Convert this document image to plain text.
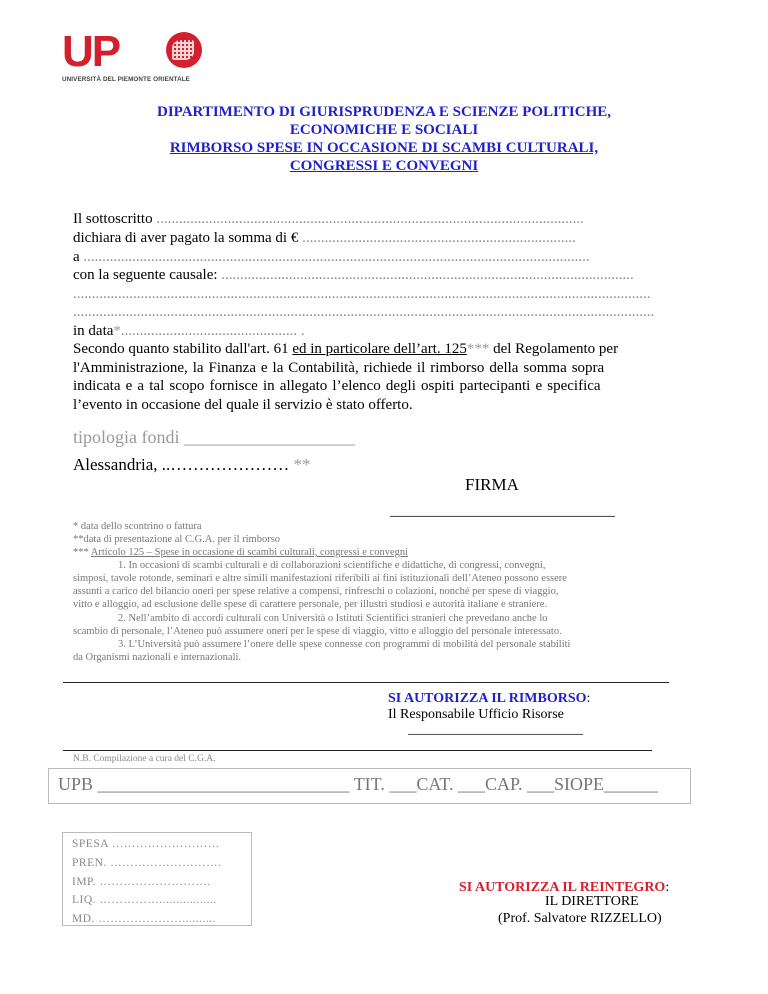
UP
UNIVERSITÀ DEL PIEMONTE ORIENTALE
DIPARTIMENTO DI GIURISPRUDENZA E SCIENZE POLITICHE,
ECONOMICHE E SOCIALI
RIMBORSO SPESE IN OCCASIONE DI SCAMBI CULTURALI,
CONGRESSI E CONVEGNI
Il sottoscritto ..................................................................................................................
dichiara di aver pagato la somma di € .........................................................................
a .......................................................................................................................................
con la seguente causale: ..............................................................................................................
..........................................................................................................................................................
...........................................................................................................................................................
in data*............................................... .
Secondo quanto stabilito dall'art. 61 ed in particolare dell’art. 125*** del Regolamento per
l'Amministrazione, la Finanza e la Contabilità, richiede il rimborso della somma sopra
indicata e a tal scopo fornisce in allegato l’elenco degli ospiti partecipanti e specifica
l’evento in occasione del quale il servizio è stato offerto.
tipologia fondi ___________________
Alessandria, ..………………… **
FIRMA
______________________________
* data dello scontrino o fattura
**data di presentazione al C.G.A. per il rimborso
*** Articolo 125 – Spese in occasione di scambi culturali, congressi e convegni
1. In occasioni di scambi culturali e di collaborazioni scientifiche e didattiche, di congressi, convegni,
simposi, tavole rotonde, seminari e altre simili manifestazioni riferibili ai fini istituzionali dell’Ateneo possono essere
assunti a carico del bilancio oneri per spese relative a compensi, rinfreschi o colazioni, nonché per spese di viaggio,
vitto e alloggio, ad esclusione delle spese di carattere personale, per illustri studiosi e autorità italiane e straniere.
2. Nell’ambito di accordi culturali con Università o Istituti Scientifici stranieri che prevedano anche lo
scambio di personale, l’Ateneo può assumere oneri per le spese di viaggio, vitto e alloggio del personale interessato.
3. L’Università può assumere l’onere delle spese connesse con programmi di mobilità del personale stabiliti
da Organismi nazionali e internazionali.
SI AUTORIZZA IL RIMBORSO:
Il Responsabile Ufficio Risorse
_________________________
N.B. Compilazione a cura del C.G.A.
UPB ____________________________ TIT. ___CAT. ___CAP. ___SIOPE______
SPESA ………………………
PREN. ……………………….
IMP. ……………………….
LIQ. …………….................
MD. …………………..........
SI AUTORIZZA IL REINTEGRO:
IL DIRETTORE
(Prof. Salvatore RIZZELLO)
